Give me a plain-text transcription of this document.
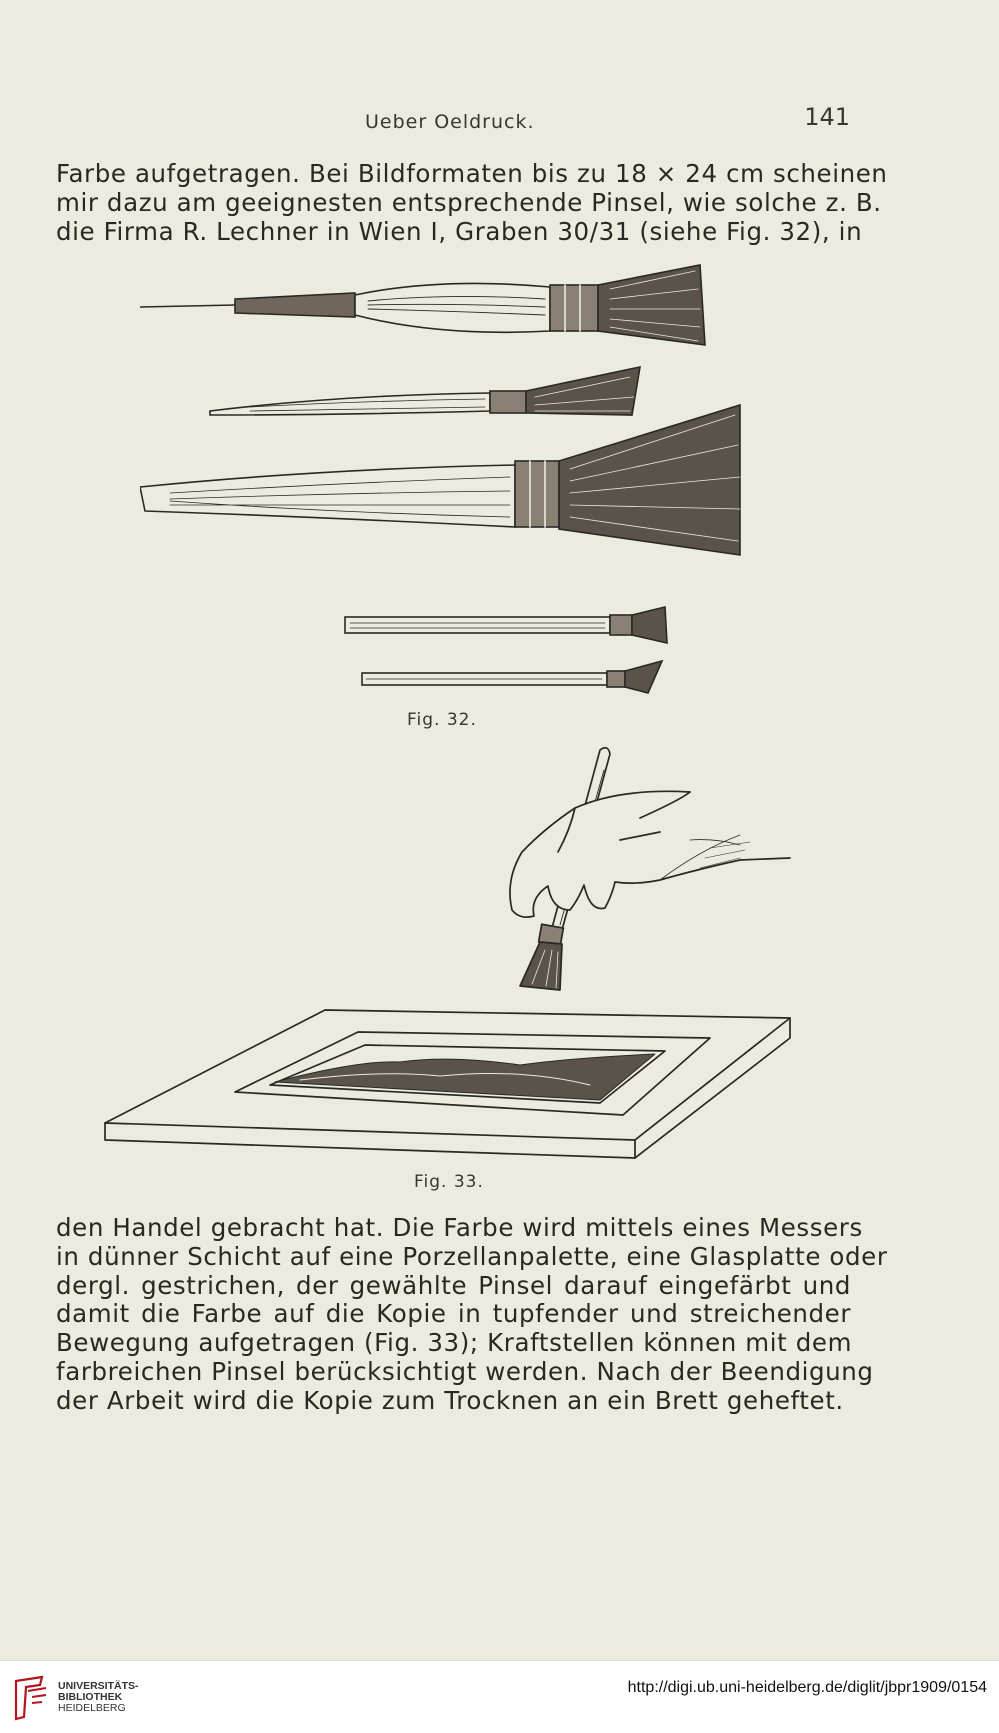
Ueber Oeldruck.	141
Farbe aufgetragen. Bei Bildformaten bis zu 18 × 24 cm scheinen
mir dazu am geeignesten entsprechende Pinsel, wie solche z. B.
die Firma R. Lechner in Wien I, Graben 30/31 (siehe Fig. 32), in
Fig. 32.
Fig. 33.
den Handel gebracht hat. Die Farbe wird mittels eines Messers
in dünner Schicht auf eine Porzellanpalette, eine Glasplatte oder
dergl. gestrichen, der gewählte Pinsel darauf eingefärbt und
damit die Farbe auf die Kopie in tupfender und streichender
Bewegung aufgetragen (Fig. 33); Kraftstellen können mit dem
farbreichen Pinsel berücksichtigt werden. Nach der Beendigung
der Arbeit wird die Kopie zum Trocknen an ein Brett geheftet.
UNIVERSITÄTS-
BIBLIOTHEK
HEIDELBERG
http://digi.ub.uni-heidelberg.de/diglit/jbpr1909/0154
